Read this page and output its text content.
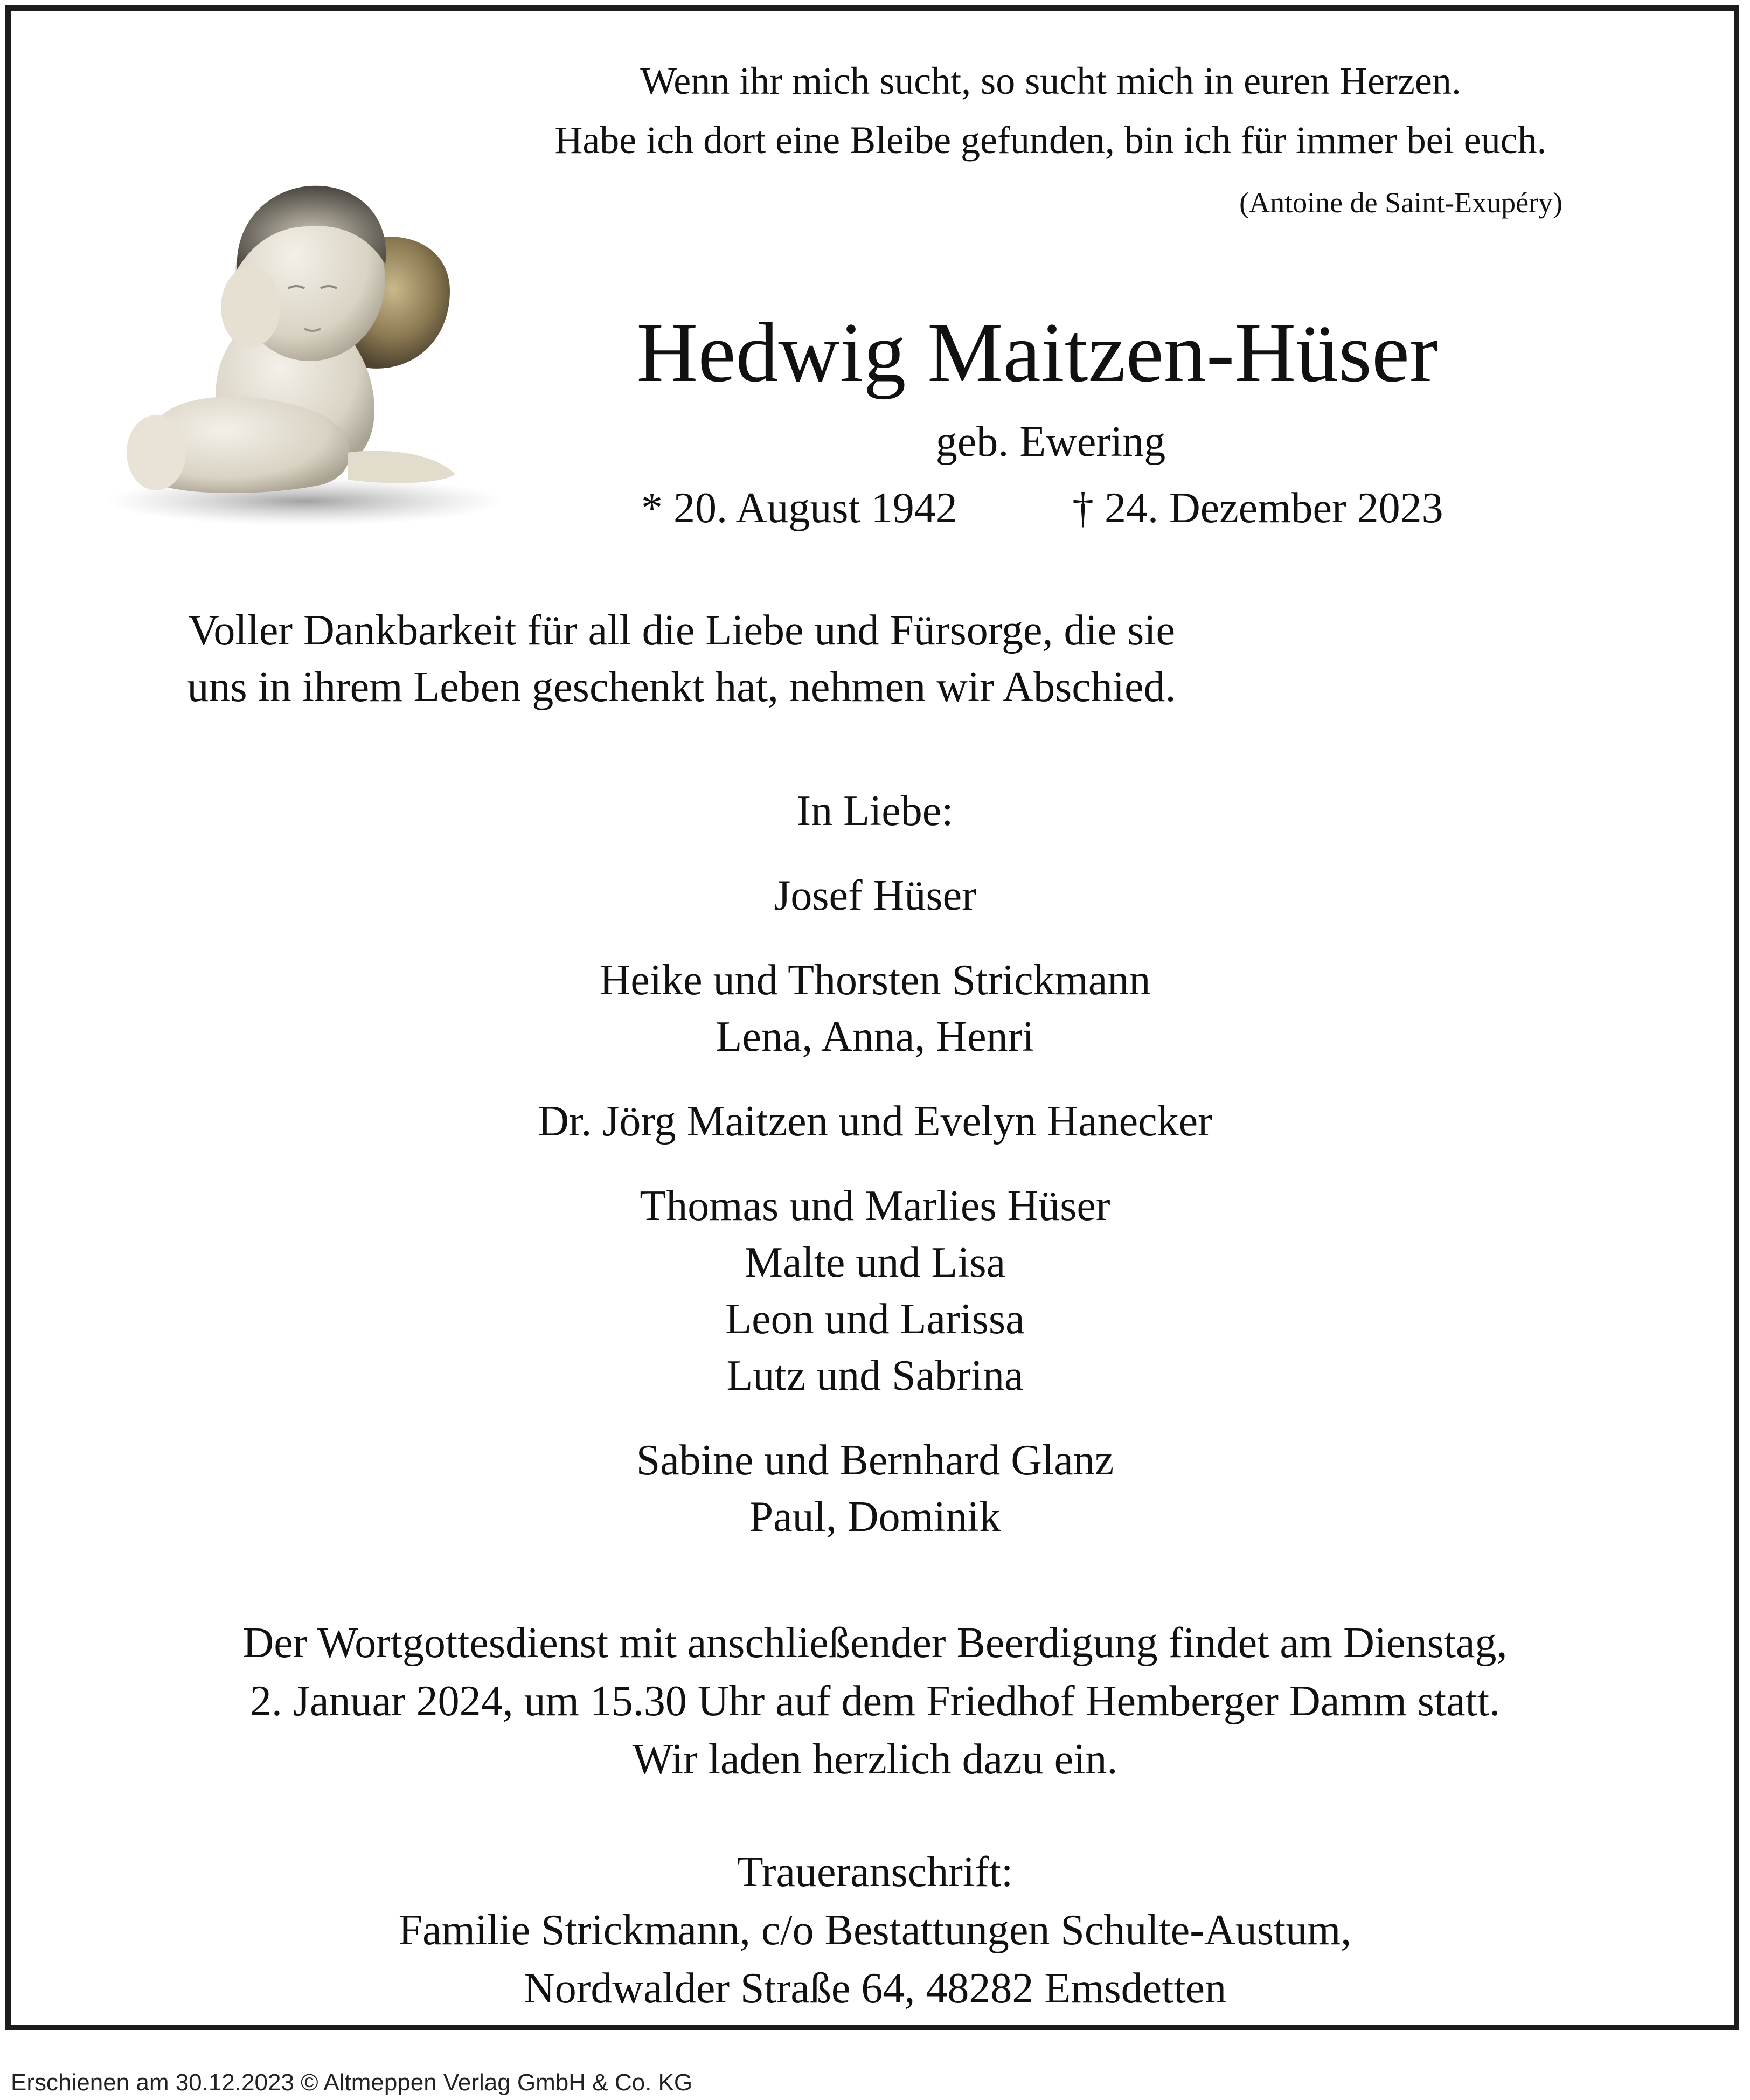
Wenn ihr mich sucht, so sucht mich in euren Herzen.
Habe ich dort eine Bleibe gefunden, bin ich für immer bei euch.
(Antoine de Saint-Exupéry)
Hedwig Maitzen-Hüser
geb. Ewering
* 20. August 1942	† 24. Dezember 2023
Voller Dankbarkeit für all die Liebe und Fürsorge, die sie
uns in ihrem Leben geschenkt hat, nehmen wir Abschied.
In Liebe:
Josef Hüser
Heike und Thorsten Strickmann
Lena, Anna, Henri
Dr. Jörg Maitzen und Evelyn Hanecker
Thomas und Marlies Hüser
Malte und Lisa
Leon und Larissa
Lutz und Sabrina
Sabine und Bernhard Glanz
Paul, Dominik
Der Wortgottesdienst mit anschließender Beerdigung findet am Dienstag,
2. Januar 2024, um 15.30 Uhr auf dem Friedhof Hemberger Damm statt.
Wir laden herzlich dazu ein.
Traueranschrift:
Familie Strickmann, c/o Bestattungen Schulte-Austum,
Nordwalder Straße 64, 48282 Emsdetten
Erschienen am 30.12.2023 © Altmeppen Verlag GmbH & Co. KG
